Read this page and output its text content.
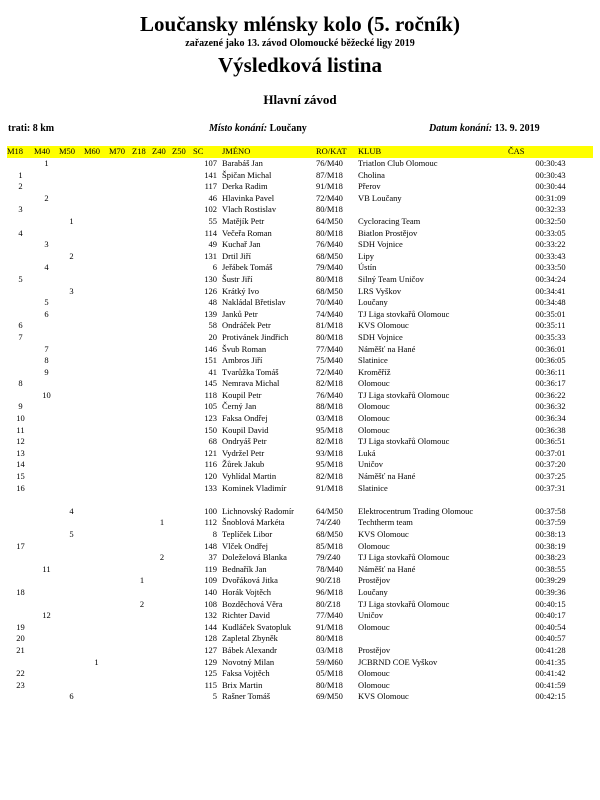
Loučansky mlénsky kolo (5. ročník)
zařazené jako 13. závod Olomoucké běžecké ligy 2019
Výsledková listina
Hlavní závod
trati: 8 km	Místo konání: Loučany	Datum konání: 13. 9. 2019
M18	M40	M50	M60	M70	Z18	Z40	Z50	SC	JMÉNO	RO/KAT	KLUB	ČAS
	1							107	Barabáš Jan	76/M40	Triatlon Club Olomouc	00:30:43
1								141	Špičan Michal	87/M18	Cholina	00:30:43
2								117	Derka Radim	91/M18	Přerov	00:30:44
	2							46	Hlavinka Pavel	72/M40	VB Loučany	00:31:09
3								102	Vlach Rostislav	80/M18		00:32:33
		1						55	Matějík Petr	64/M50	Cycloracing Team	00:32:50
4								114	Večeřa Roman	80/M18	Biatlon Prostějov	00:33:05
	3							49	Kuchař Jan	76/M40	SDH Vojnice	00:33:22
		2						131	Drtil Jiří	68/M50	Lipy	00:33:43
	4							6	Jeřábek Tomáš	79/M40	Ústín	00:33:50
5								130	Šustr Jiří	80/M18	Silný Team Uničov	00:34:24
		3						126	Krátký Ivo	68/M50	LRS Vyškov	00:34:41
	5							48	Nakládal Břetislav	70/M40	Loučany	00:34:48
	6							139	Janků Petr	74/M40	TJ Liga stovkařů Olomouc	00:35:01
6								58	Ondráček Petr	81/M18	KVS Olomouc	00:35:11
7								20	Protivánek Jindřich	80/M18	SDH Vojnice	00:35:33
	7							146	Švub Roman	77/M40	Náměšť na Hané	00:36:01
	8							151	Ambros Jiří	75/M40	Slatinice	00:36:05
	9							41	Tvarůžka Tomáš	72/M40	Kroměříž	00:36:11
8								145	Nemrava Michal	82/M18	Olomouc	00:36:17
	10							118	Koupil Petr	76/M40	TJ Liga stovkařů Olomouc	00:36:22
9								105	Černý Jan	88/M18	Olomouc	00:36:32
10								123	Faksa Ondřej	03/M18	Olomouc	00:36:34
11								150	Koupil David	95/M18	Olomouc	00:36:38
12								68	Ondryáš Petr	82/M18	TJ Liga stovkařů Olomouc	00:36:51
13								121	Vydržel Petr	93/M18	Luká	00:37:01
14								116	Žůrek Jakub	95/M18	Uničov	00:37:20
15								120	Vyhlídal Martin	82/M18	Náměšť na Hané	00:37:25
16								133	Kominek Vladimír	91/M18	Slatinice	00:37:31
		4						100	Lichnovský Radomír	64/M50	Elektrocentrum Trading Olomouc	00:37:58
						1		112	Šnoblová Markéta	74/Z40	Techtherm team	00:37:59
		5						8	Teplíček Libor	68/M50	KVS Olomouc	00:38:13
17								148	Vlček Ondřej	85/M18	Olomouc	00:38:19
						2		37	Doleželová Blanka	79/Z40	TJ Liga stovkařů Olomouc	00:38:23
	11							119	Bednařík Jan	78/M40	Náměšť na Hané	00:38:55
					1			109	Dvořáková Jitka	90/Z18	Prostějov	00:39:29
18								140	Horák Vojtěch	96/M18	Loučany	00:39:36
					2			108	Bozděchová Věra	80/Z18	TJ Liga stovkařů Olomouc	00:40:15
	12							132	Richter David	77/M40	Uničov	00:40:17
19								144	Kudláček Svatopluk	91/M18	Olomouc	00:40:54
20								128	Zapletal Zbyněk	80/M18		00:40:57
21								127	Bábek Alexandr	03/M18	Prostějov	00:41:28
			1					129	Novotný Milan	59/M60	JCBRND COE Vyškov	00:41:35
22								125	Faksa Vojtěch	05/M18	Olomouc	00:41:42
23								115	Brix Martin	80/M18	Olomouc	00:41:59
		6						5	Rašner Tomáš	69/M50	KVS Olomouc	00:42:15
